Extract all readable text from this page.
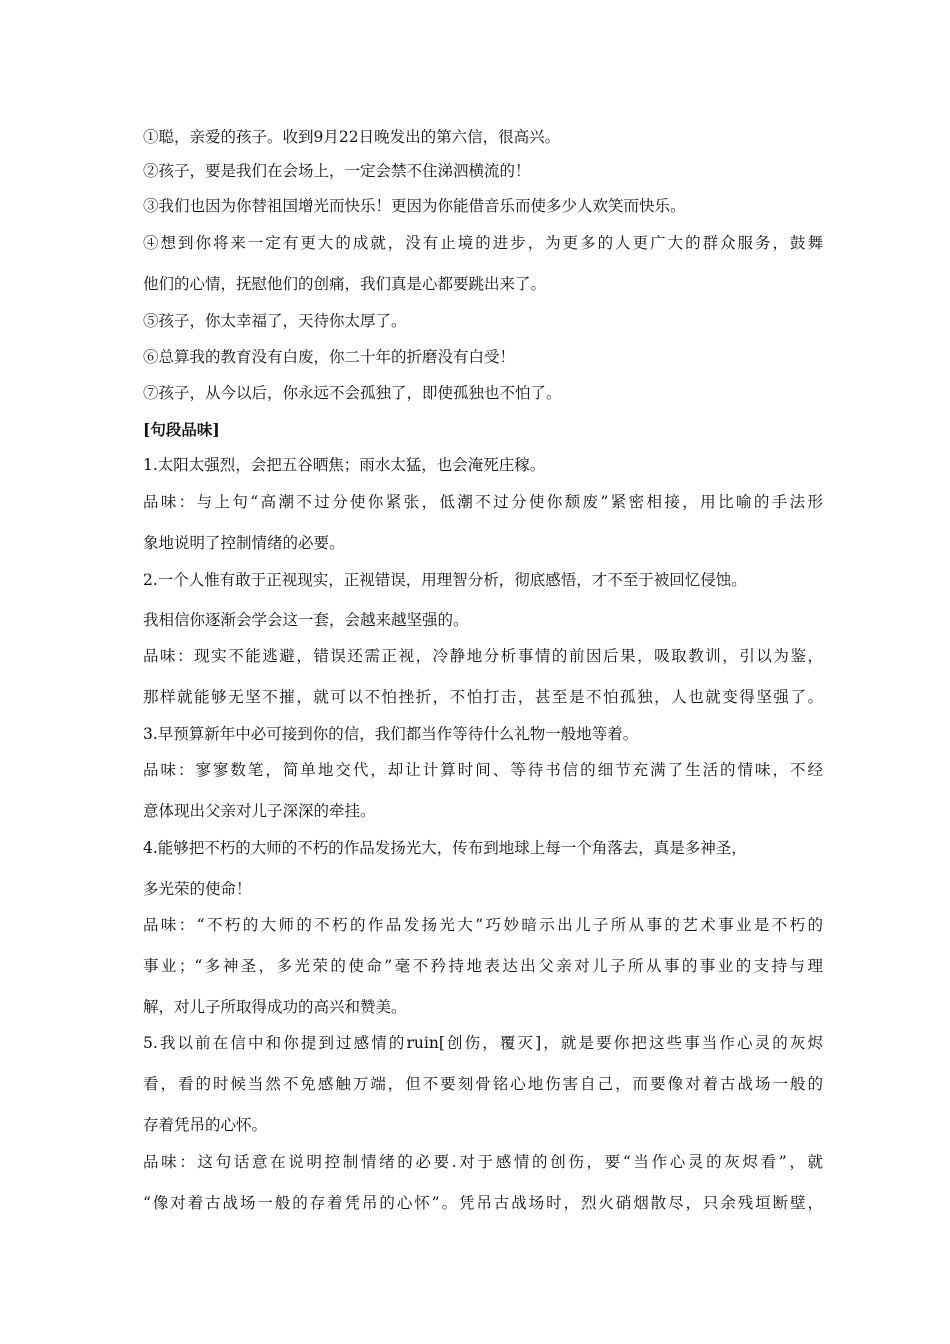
①聪，亲爱的孩子。收到9月22日晚发出的第六信，很高兴。
②孩子，要是我们在会场上，一定会禁不住涕泗横流的！
③我们也因为你替祖国增光而快乐！更因为你能借音乐而使多少人欢笑而快乐。
④想到你将来一定有更大的成就，没有止境的进步，为更多的人更广大的群众服务，鼓舞
他们的心情，抚慰他们的创痛，我们真是心都要跳出来了。
⑤孩子，你太幸福了，天待你太厚了。
⑥总算我的教育没有白废，你二十年的折磨没有白受！
⑦孩子，从今以后，你永远不会孤独了，即使孤独也不怕了。
[句段品味]
1.太阳太强烈，会把五谷晒焦；雨水太猛，也会淹死庄稼。
品味：与上句“高潮不过分使你紧张，低潮不过分使你颓废”紧密相接，用比喻的手法形
象地说明了控制情绪的必要。
2.一个人惟有敢于正视现实，正视错误，用理智分析，彻底感悟，才不至于被回忆侵蚀。
我相信你逐渐会学会这一套，会越来越坚强的。
品味：现实不能逃避，错误还需正视，冷静地分析事情的前因后果，吸取教训，引以为鉴，
那样就能够无坚不摧，就可以不怕挫折，不怕打击，甚至是不怕孤独，人也就变得坚强了。
3.早预算新年中必可接到你的信，我们都当作等待什么礼物一般地等着。
品味：寥寥数笔，简单地交代，却让计算时间、等待书信的细节充满了生活的情味，不经
意体现出父亲对儿子深深的牵挂。
4.能够把不朽的大师的不朽的作品发扬光大，传布到地球上每一个角落去，真是多神圣，
多光荣的使命！
品味：“不朽的大师的不朽的作品发扬光大”巧妙暗示出儿子所从事的艺术事业是不朽的
事业；“多神圣，多光荣的使命”毫不矜持地表达出父亲对儿子所从事的事业的支持与理
解，对儿子所取得成功的高兴和赞美。
5.我以前在信中和你提到过感情的ruin[创伤，覆灭]，就是要你把这些事当作心灵的灰烬
看，看的时候当然不免感触万端，但不要刻骨铭心地伤害自己，而要像对着古战场一般的
存着凭吊的心怀。
品味：这句话意在说明控制情绪的必要.对于感情的创伤，要“当作心灵的灰烬看”，就
“像对着古战场一般的存着凭吊的心怀”。凭吊古战场时，烈火硝烟散尽，只余残垣断壁，
